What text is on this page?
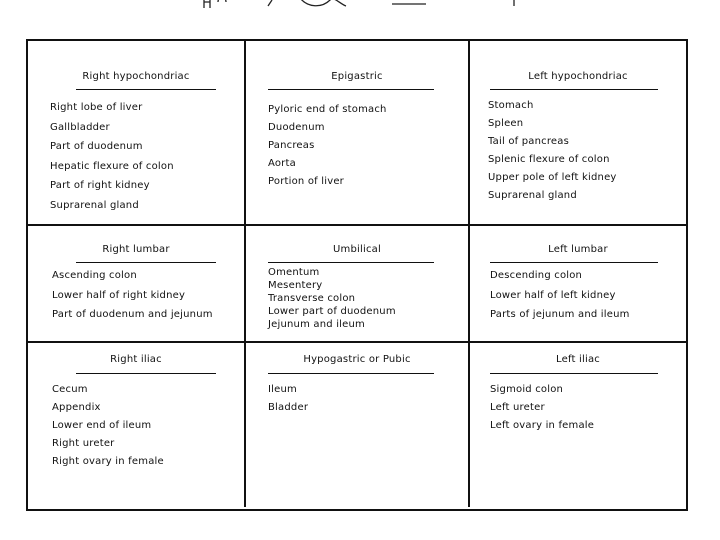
Right hypochondriac
Right lobe of liver
Gallbladder
Part of duodenum
Hepatic flexure of colon
Part of right kidney
Suprarenal gland
Epigastric
Pyloric end of stomach
Duodenum
Pancreas
Aorta
Portion of liver
Left hypochondriac
Stomach
Spleen
Tail of pancreas
Splenic flexure of colon
Upper pole of left kidney
Suprarenal gland
Right lumbar
Ascending colon
Lower half of right kidney
Part of duodenum and jejunum
Umbilical
Omentum
Mesentery
Transverse colon
Lower part of duodenum
Jejunum and ileum
Left lumbar
Descending colon
Lower half of left kidney
Parts of jejunum and ileum
Right iliac
Cecum
Appendix
Lower end of ileum
Right ureter
Right ovary in female
Hypogastric or Pubic
Ileum
Bladder
Left iliac
Sigmoid colon
Left ureter
Left ovary in female
